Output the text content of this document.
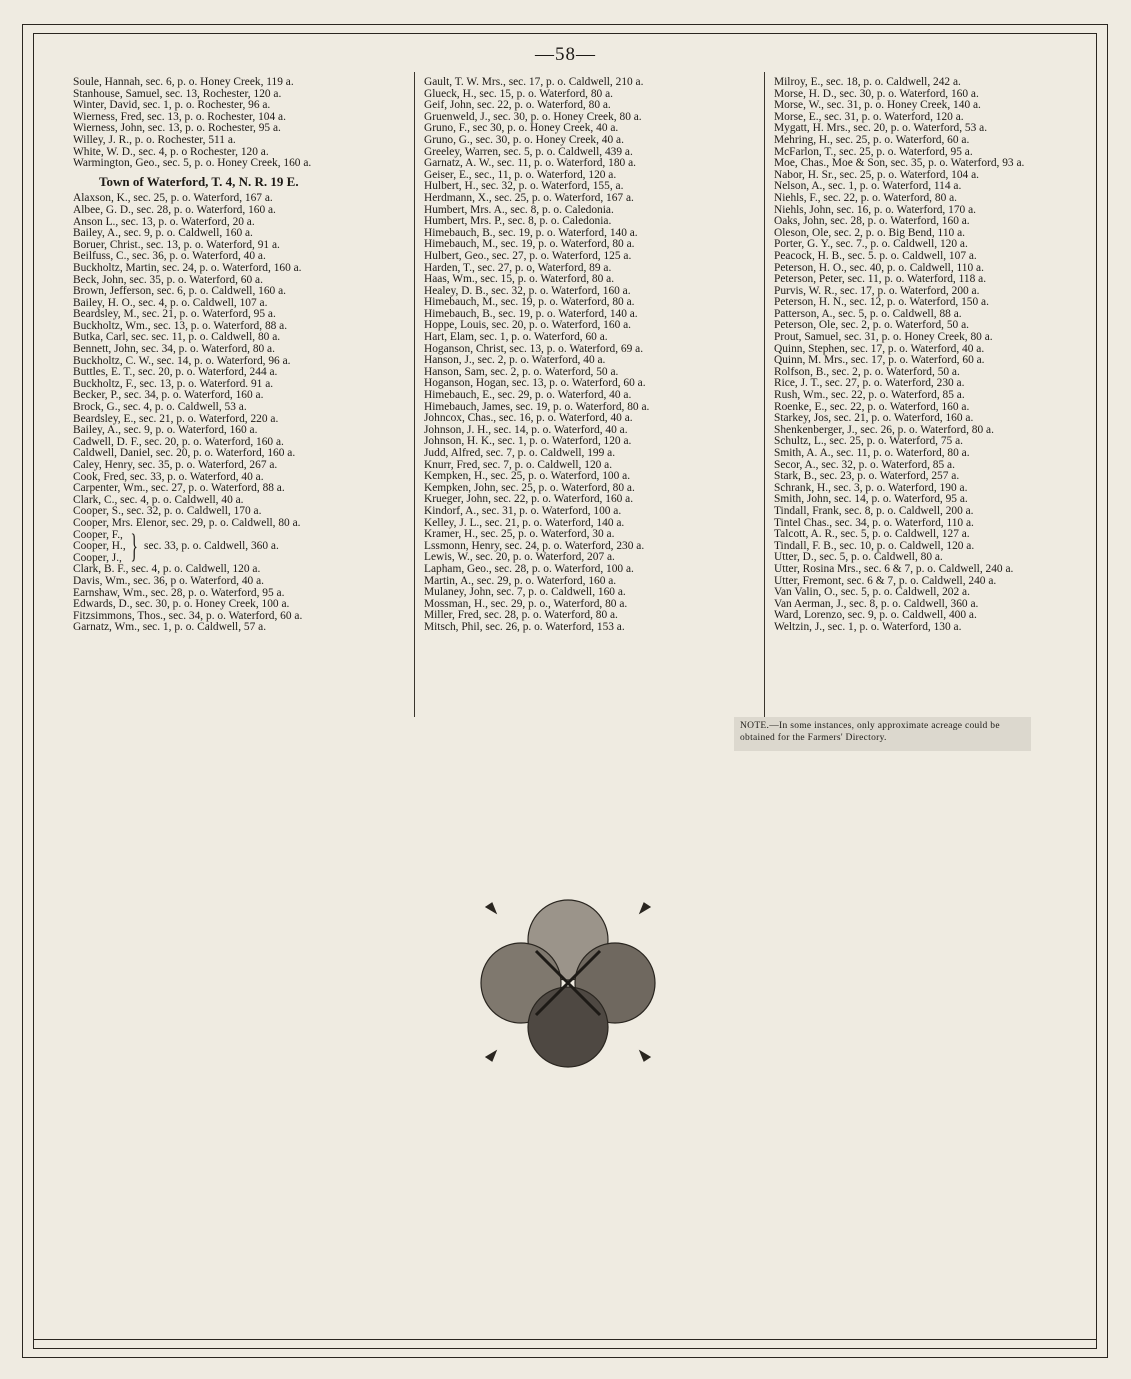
—58—
Soule, Hannah, sec. 6, p. o. Honey Creek, 119 a.
Stanhouse, Samuel, sec. 13, Rochester, 120 a.
Winter, David, sec. 1, p. o. Rochester, 96 a.
Wierness, Fred, sec. 13, p. o. Rochester, 104 a.
Wierness, John, sec. 13, p. o. Rochester, 95 a.
Willey, J. R., p. o. Rochester, 511 a.
White, W. D., sec. 4, p. o Rochester, 120 a.
Warmington, Geo., sec. 5, p. o. Honey Creek, 160 a.
Town of Waterford, T. 4, N. R. 19 E.
Alaxson, K., sec. 25, p. o. Waterford, 167 a.
Albee, G. D., sec. 28, p. o. Waterford, 160 a.
Anson L., sec. 13, p. o. Waterford, 20 a.
Bailey, A., sec. 9, p. o. Caldwell, 160 a.
Boruer, Christ., sec. 13, p. o. Waterford, 91 a.
Beilfuss, C., sec. 36, p. o. Waterford, 40 a.
Buckholtz, Martin, sec. 24, p. o. Waterford, 160 a.
Beck, John, sec. 35, p. o. Waterford, 60 a.
Brown, Jefferson, sec. 6, p. o. Caldwell, 160 a.
Bailey, H. O., sec. 4, p. o. Caldwell, 107 a.
Beardsley, M., sec. 21, p. o. Waterford, 95 a.
Buckholtz, Wm., sec. 13, p. o. Waterford, 88 a.
Butka, Carl, sec. sec. 11, p. o. Caldwell, 80 a.
Bennett, John, sec. 34, p. o. Waterford, 80 a.
Buckholtz, C. W., sec. 14, p. o. Waterford, 96 a.
Buttles, E. T., sec. 20, p. o. Waterford, 244 a.
Buckholtz, F., sec. 13, p. o. Waterford. 91 a.
Becker, P., sec. 34, p. o. Waterford, 160 a.
Brock, G., sec. 4, p. o. Caldwell, 53 a.
Beardsley, E., sec. 21, p. o. Waterford, 220 a.
Bailey, A., sec. 9, p. o. Waterford, 160 a.
Cadwell, D. F., sec. 20, p. o. Waterford, 160 a.
Caldwell, Daniel, sec. 20, p. o. Waterford, 160 a.
Caley, Henry, sec. 35, p. o. Waterford, 267 a.
Cook, Fred, sec. 33, p. o. Waterford, 40 a.
Carpenter, Wm., sec. 27, p. o. Waterford, 88 a.
Clark, C., sec. 4, p. o. Caldwell, 40 a.
Cooper, S., sec. 32, p. o. Caldwell, 170 a.
Cooper, Mrs. Elenor, sec. 29, p. o. Caldwell, 80 a.
Cooper, F.,
Cooper, H.,
Cooper, J., } sec. 33, p. o. Caldwell, 360 a.
Clark, B. F., sec. 4, p. o. Caldwell, 120 a.
Davis, Wm., sec. 36, p o. Waterford, 40 a.
Earnshaw, Wm., sec. 28, p. o. Waterford, 95 a.
Edwards, D., sec. 30, p. o. Honey Creek, 100 a.
Fitzsimmons, Thos., sec. 34, p. o. Waterford, 60 a.
Garnatz, Wm., sec. 1, p. o. Caldwell, 57 a.
Gault, T. W. Mrs., sec. 17, p. o. Caldwell, 210 a.
Glueck, H., sec. 15, p. o. Waterford, 80 a.
Geif, John, sec. 22, p. o. Waterford, 80 a.
Gruenweld, J., sec. 30, p. o. Honey Creek, 80 a.
Gruno, F., sec 30, p. o. Honey Creek, 40 a.
Gruno, G., sec. 30, p. o. Honey Creek, 40 a.
Greeley, Warren, sec. 5, p. o. Caldwell, 439 a.
Garnatz, A. W., sec. 11, p. o. Waterford, 180 a.
Geiser, E., sec., 11, p. o. Waterford, 120 a.
Hulbert, H., sec. 32, p. o. Waterford, 155, a.
Herdmann, X., sec. 25, p. o. Waterford, 167 a.
Humbert, Mrs. A., sec. 8, p. o. Caledonia.
Humbert, Mrs. P., sec. 8, p. o. Caledonia.
Himebauch, B., sec. 19, p. o. Waterford, 140 a.
Himebauch, M., sec. 19, p. o. Waterford, 80 a.
Hulbert, Geo., sec. 27, p. o. Waterford, 125 a.
Harden, T., sec. 27, p. o, Waterford, 89 a.
Haas, Wm., sec. 15, p. o. Waterford, 80 a.
Healey, D. B., sec. 32, p. o. Waterford, 160 a.
Himebauch, M., sec. 19, p. o. Waterford, 80 a.
Himebauch, B., sec. 19, p. o. Waterford, 140 a.
Hoppe, Louis, sec. 20, p. o. Waterford, 160 a.
Hart, Elam, sec. 1, p. o. Waterford, 60 a.
Hoganson, Christ, sec. 13, p. o. Waterford, 69 a.
Hanson, J., sec. 2, p. o. Waterford, 40 a.
Hanson, Sam, sec. 2, p. o. Waterford, 50 a.
Hoganson, Hogan, sec. 13, p. o. Waterford, 60 a.
Himebauch, E., sec. 29, p. o. Waterford, 40 a.
Himebauch, James, sec. 19, p. o. Waterford, 80 a.
Johncox, Chas., sec. 16, p. o. Waterford, 40 a.
Johnson, J. H., sec. 14, p. o. Waterford, 40 a.
Johnson, H. K., sec. 1, p. o. Waterford, 120 a.
Judd, Alfred, sec. 7, p. o. Caldwell, 199 a.
Knurr, Fred, sec. 7, p. o. Caldwell, 120 a.
Kempken, H., sec. 25, p. o. Waterford, 100 a.
Kempken, John, sec. 25, p. o. Waterford, 80 a.
Krueger, John, sec. 22, p. o. Waterford, 160 a.
Kindorf, A., sec. 31, p. o. Waterford, 100 a.
Kelley, J. L., sec. 21, p. o. Waterford, 140 a.
Kramer, H., sec. 25, p. o. Waterford, 30 a.
Lssmonn, Henry, sec. 24, p. o. Waterford, 230 a.
Lewis, W., sec. 20, p. o. Waterford, 207 a.
Lapham, Geo., sec. 28, p. o. Waterford, 100 a.
Martin, A., sec. 29, p. o. Waterford, 160 a.
Mulaney, John, sec. 7, p. o. Caldwell, 160 a.
Mossman, H., sec. 29, p. o., Waterford, 80 a.
Miller, Fred, sec. 28, p. o. Waterford, 80 a.
Mitsch, Phil, sec. 26, p. o. Waterford, 153 a.
Milroy, E., sec. 18, p. o. Caldwell, 242 a.
Morse, H. D., sec. 30, p. o. Waterford, 160 a.
Morse, W., sec. 31, p. o. Honey Creek, 140 a.
Morse, E., sec. 31, p. o. Waterford, 120 a.
Mygatt, H. Mrs., sec. 20, p. o. Waterford, 53 a.
Mehring, H., sec. 25, p. o. Waterford, 60 a.
McFarlon, T., sec. 25, p. o. Waterford, 95 a.
Moe, Chas., Moe & Son, sec. 35, p. o. Waterford, 93 a.
Nabor, H. Sr., sec. 25, p. o. Waterford, 104 a.
Nelson, A., sec. 1, p. o. Waterford, 114 a.
Niehls, F., sec. 22, p. o. Waterford, 80 a.
Niehls, John, sec. 16, p. o. Waterford, 170 a.
Oaks, John, sec. 28, p. o. Waterford, 160 a.
Oleson, Ole, sec. 2, p. o. Big Bend, 110 a.
Porter, G. Y., sec. 7., p. o. Caldwell, 120 a.
Peacock, H. B., sec. 5. p. o. Caldwell, 107 a.
Peterson, H. O., sec. 40, p. o. Caldwell, 110 a.
Peterson, Peter, sec. 11, p. o. Waterford, 118 a.
Purvis, W. R., sec. 17, p. o. Waterford, 200 a.
Peterson, H. N., sec. 12, p. o. Waterford, 150 a.
Patterson, A., sec. 5, p. o. Caldwell, 88 a.
Peterson, Ole, sec. 2, p. o. Waterford, 50 a.
Prout, Samuel, sec. 31, p. o. Honey Creek, 80 a.
Quinn, Stephen, sec. 17, p. o. Waterford, 40 a.
Quinn, M. Mrs., sec. 17, p. o. Waterford, 60 a.
Rolfson, B., sec. 2, p. o. Waterford, 50 a.
Rice, J. T., sec. 27, p. o. Waterford, 230 a.
Rush, Wm., sec. 22, p. o. Waterford, 85 a.
Roenke, E., sec. 22, p. o. Waterford, 160 a.
Starkey, Jos, sec. 21, p. o. Waterford, 160 a.
Shenkenberger, J., sec. 26, p. o. Waterford, 80 a.
Schultz, L., sec. 25, p. o. Waterford, 75 a.
Smith, A. A., sec. 11, p. o. Waterford, 80 a.
Secor, A., sec. 32, p. o. Waterford, 85 a.
Stark, B., sec. 23, p. o. Waterford, 257 a.
Schrank, H., sec. 3, p. o. Waterford, 190 a.
Smith, John, sec. 14, p. o. Waterford, 95 a.
Tindall, Frank, sec. 8, p. o. Caldwell, 200 a.
Tintel Chas., sec. 34, p. o. Waterford, 110 a.
Talcott, A. R., sec. 5, p. o. Caldwell, 127 a.
Tindall, F. B., sec. 10, p. o. Caldwell, 120 a.
Utter, D., sec. 5, p. o. Caldwell, 80 a.
Utter, Rosina Mrs., sec. 6 & 7, p. o. Caldwell, 240 a.
Utter, Fremont, sec. 6 & 7, p. o. Caldwell, 240 a.
Van Valin, O., sec. 5, p. o. Caldwell, 202 a.
Van Aerman, J., sec. 8, p. o. Caldwell, 360 a.
Ward, Lorenzo, sec. 9, p. o. Caldwell, 400 a.
Weltzin, J., sec. 1, p. o. Waterford, 130 a.
NOTE.—In some instances, only approximate acreage could be obtained for the Farmers' Directory.
